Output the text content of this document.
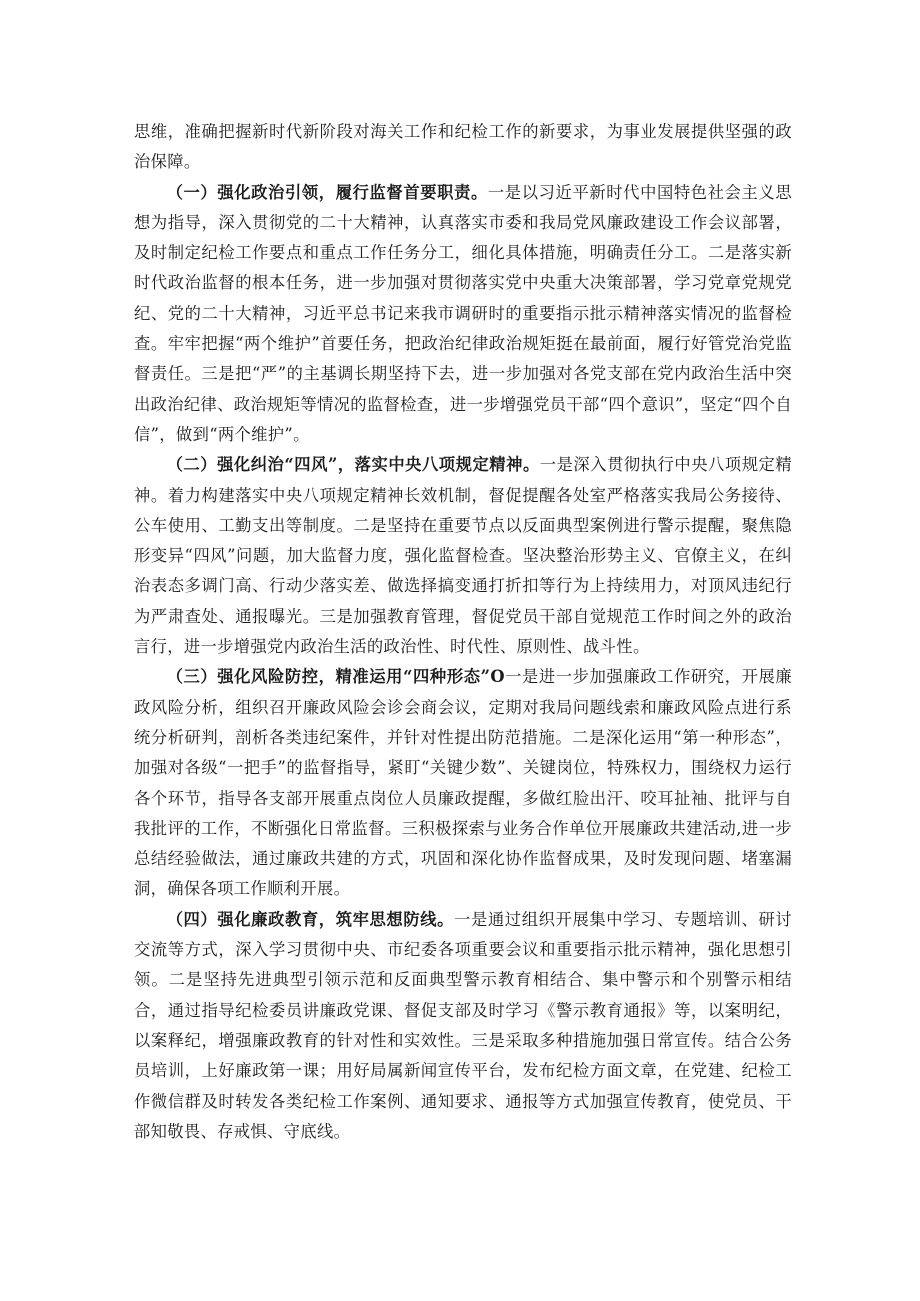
思维，准确把握新时代新阶段对海关工作和纪检工作的新要求，为事业发展提供坚强的政治保障。

（一）强化政治引领，履行监督首要职责。一是以习近平新时代中国特色社会主义思想为指导，深入贯彻党的二十大精神，认真落实市委和我局党风廉政建设工作会议部署，及时制定纪检工作要点和重点工作任务分工，细化具体措施，明确责任分工。二是落实新时代政治监督的根本任务，进一步加强对贯彻落实党中央重大决策部署，学习党章党规党纪、党的二十大精神，习近平总书记来我市调研时的重要指示批示精神落实情况的监督检查。牢牢把握“两个维护”首要任务，把政治纪律政治规矩挺在最前面，履行好管党治党监督责任。三是把“严”的主基调长期坚持下去，进一步加强对各党支部在党内政治生活中突出政治纪律、政治规矩等情况的监督检查，进一步增强党员干部“四个意识”，坚定“四个自信”，做到“两个维护”。

（二）强化纠治“四风”，落实中央八项规定精神。一是深入贯彻执行中央八项规定精神。着力构建落实中央八项规定精神长效机制，督促提醒各处室严格落实我局公务接待、公车使用、工勤支出等制度。二是坚持在重要节点以反面典型案例进行警示提醒，聚焦隐形变异“四风”问题，加大监督力度，强化监督检查。坚决整治形势主义、官僚主义，在纠治表态多调门高、行动少落实差、做选择搞变通打折扣等行为上持续用力，对顶风违纪行为严肃查处、通报曝光。三是加强教育管理，督促党员干部自觉规范工作时间之外的政治言行，进一步增强党内政治生活的政治性、时代性、原则性、战斗性。

（三）强化风险防控，精准运用“四种形态”O一是进一步加强廉政工作研究，开展廉政风险分析，组织召开廉政风险会诊会商会议，定期对我局问题线索和廉政风险点进行系统分析研判，剖析各类违纪案件，并针对性提出防范措施。二是深化运用“第一种形态”，加强对各级“一把手”的监督指导，紧盯“关键少数”、关键岗位，特殊权力，围绕权力运行各个环节，指导各支部开展重点岗位人员廉政提醒，多做红脸出汗、咬耳扯袖、批评与自我批评的工作，不断强化日常监督。三积极探索与业务合作单位开展廉政共建活动,进一步总结经验做法，通过廉政共建的方式，巩固和深化协作监督成果，及时发现问题、堵塞漏洞，确保各项工作顺利开展。

（四）强化廉政教育，筑牢思想防线。一是通过组织开展集中学习、专题培训、研讨交流等方式，深入学习贯彻中央、市纪委各项重要会议和重要指示批示精神，强化思想引领。二是坚持先进典型引领示范和反面典型警示教育相结合、集中警示和个别警示相结合，通过指导纪检委员讲廉政党课、督促支部及时学习《警示教育通报》等，以案明纪，以案释纪，增强廉政教育的针对性和实效性。三是采取多种措施加强日常宣传。结合公务员培训，上好廉政第一课；用好局属新闻宣传平台，发布纪检方面文章，在党建、纪检工作微信群及时转发各类纪检工作案例、通知要求、通报等方式加强宣传教育，使党员、干部知敬畏、存戒惧、守底线。
